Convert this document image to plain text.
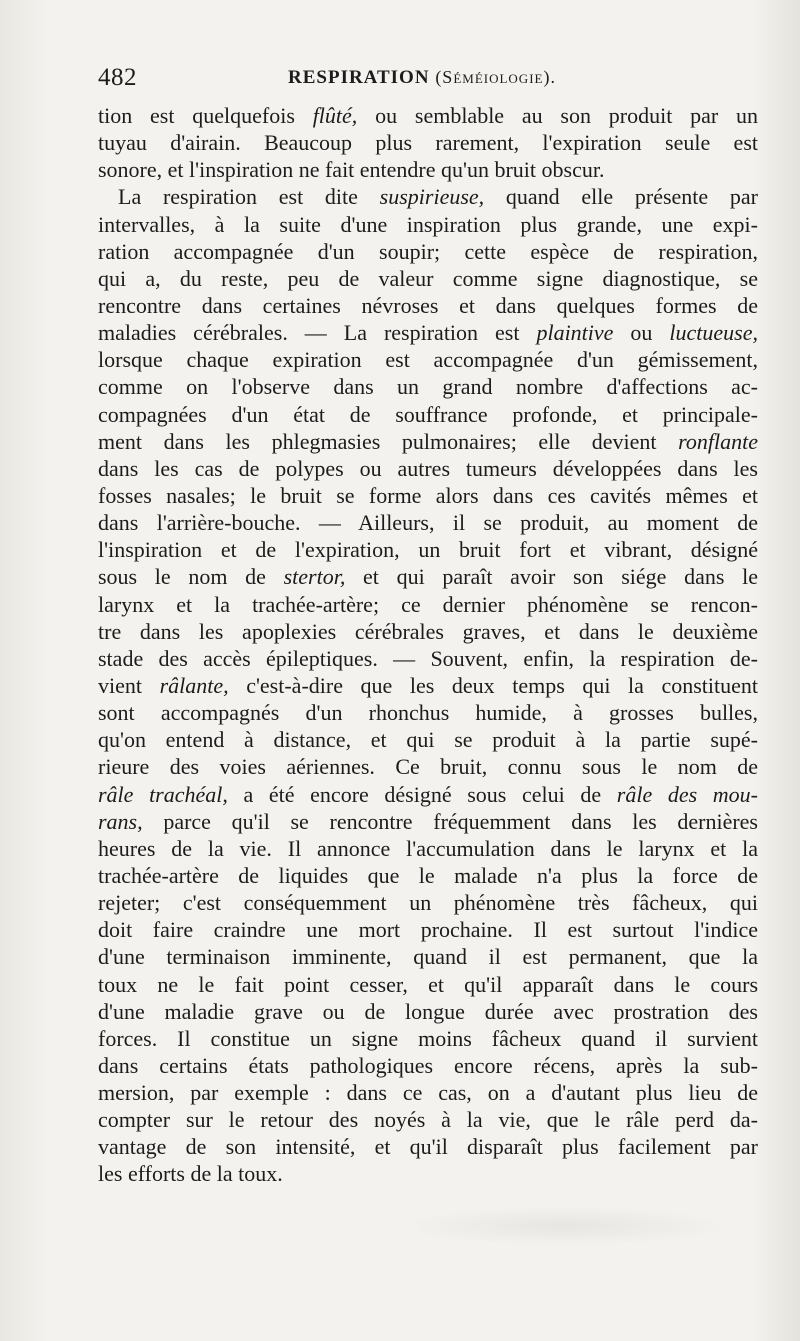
482	RESPIRATION (Séméiologie).
tion est quelquefois flûté, ou semblable au son produit par un
tuyau d'airain. Beaucoup plus rarement, l'expiration seule est
sonore, et l'inspiration ne fait entendre qu'un bruit obscur.
La respiration est dite suspirieuse, quand elle présente par
intervalles, à la suite d'une inspiration plus grande, une expi-
ration accompagnée d'un soupir; cette espèce de respiration,
qui a, du reste, peu de valeur comme signe diagnostique, se
rencontre dans certaines névroses et dans quelques formes de
maladies cérébrales. — La respiration est plaintive ou luctueuse,
lorsque chaque expiration est accompagnée d'un gémissement,
comme on l'observe dans un grand nombre d'affections ac-
compagnées d'un état de souffrance profonde, et principale-
ment dans les phlegmasies pulmonaires; elle devient ronflante
dans les cas de polypes ou autres tumeurs développées dans les
fosses nasales; le bruit se forme alors dans ces cavités mêmes et
dans l'arrière-bouche. — Ailleurs, il se produit, au moment de
l'inspiration et de l'expiration, un bruit fort et vibrant, désigné
sous le nom de stertor, et qui paraît avoir son siége dans le
larynx et la trachée-artère; ce dernier phénomène se rencon-
tre dans les apoplexies cérébrales graves, et dans le deuxième
stade des accès épileptiques. — Souvent, enfin, la respiration de-
vient râlante, c'est-à-dire que les deux temps qui la constituent
sont accompagnés d'un rhonchus humide, à grosses bulles,
qu'on entend à distance, et qui se produit à la partie supé-
rieure des voies aériennes. Ce bruit, connu sous le nom de
râle trachéal, a été encore désigné sous celui de râle des mou-
rans, parce qu'il se rencontre fréquemment dans les dernières
heures de la vie. Il annonce l'accumulation dans le larynx et la
trachée-artère de liquides que le malade n'a plus la force de
rejeter; c'est conséquemment un phénomène très fâcheux, qui
doit faire craindre une mort prochaine. Il est surtout l'indice
d'une terminaison imminente, quand il est permanent, que la
toux ne le fait point cesser, et qu'il apparaît dans le cours
d'une maladie grave ou de longue durée avec prostration des
forces. Il constitue un signe moins fâcheux quand il survient
dans certains états pathologiques encore récens, après la sub-
mersion, par exemple : dans ce cas, on a d'autant plus lieu de
compter sur le retour des noyés à la vie, que le râle perd da-
vantage de son intensité, et qu'il disparaît plus facilement par
les efforts de la toux.
